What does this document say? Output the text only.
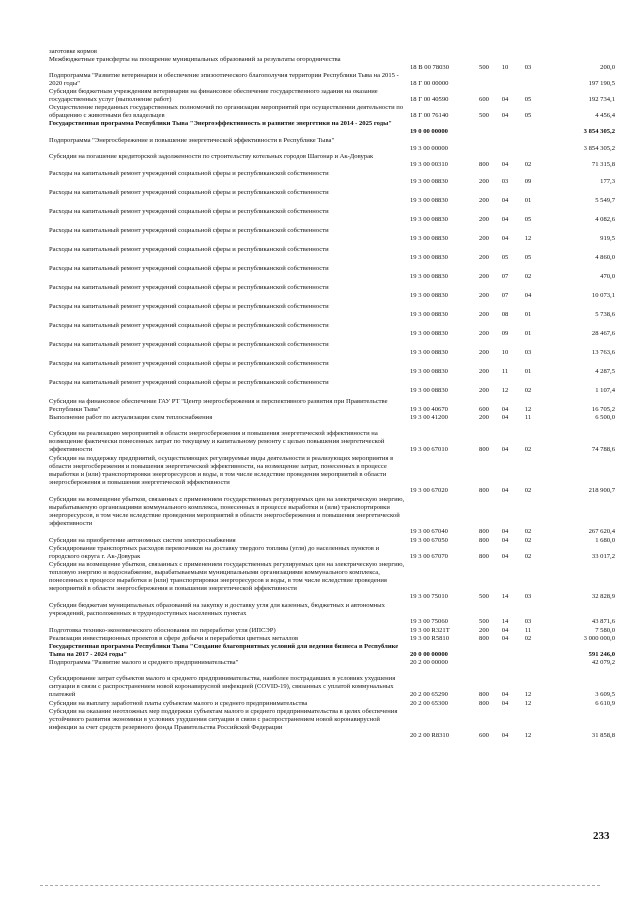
заготовке кормов
Межбюджетные трансферты на поощрение муниципальных образований за результаты огородничества
18 В 00 78030	500	10	03	200,0
Подпрограмма "Развитие ветеринарии и обеспечение эпизоотического благополучия территории Республики Тыва на 2015 - 2020 годы"	18 Г 00 00000	197 190,5
Субсидии бюджетным учреждениям ветеринарии на финансовое обеспечение государственного задания на оказание государственных услуг (выполнение работ)	18 Г 00 40590	600	04	05	192 734,1
Осуществление переданных государственных полномочий по организации мероприятий при осуществлении деятельности по обращению с животными без владельцев	18 Г 00 76140	500	04	05	4 456,4
Государственная программа Республики Тыва "Энергоэффективность и развитие энергетики на 2014 - 2025 годы"
19 0 00 00000	3 854 305,2
Подпрограмма "Энергосбережение и повышение энергетической эффективности в Республике Тыва"
19 3 00 00000	3 854 305,2
Субсидии на погашение кредиторской задолженности по строительству котельных городов Шагонар и Ак-Довурак
19 3 00 00310	800	04	02	71 315,8
Расходы на капитальный ремонт учреждений социальной сферы и республиканской собственности
19 3 00 08830	200	03	09	177,3
Расходы на капитальный ремонт учреждений социальной сферы и республиканской собственности
19 3 00 08830	200	04	01	5 549,7
Расходы на капитальный ремонт учреждений социальной сферы и республиканской собственности
19 3 00 08830	200	04	05	4 082,6
Расходы на капитальный ремонт учреждений социальной сферы и республиканской собственности
19 3 00 08830	200	04	12	919,5
Расходы на капитальный ремонт учреждений социальной сферы и республиканской собственности
19 3 00 08830	200	05	05	4 860,0
Расходы на капитальный ремонт учреждений социальной сферы и республиканской собственности
19 3 00 08830	200	07	02	470,0
Расходы на капитальный ремонт учреждений социальной сферы и республиканской собственности
19 3 00 08830	200	07	04	10 073,1
Расходы на капитальный ремонт учреждений социальной сферы и республиканской собственности
19 3 00 08830	200	08	01	5 738,6
Расходы на капитальный ремонт учреждений социальной сферы и республиканской собственности
19 3 00 08830	200	09	01	28 467,6
Расходы на капитальный ремонт учреждений социальной сферы и республиканской собственности
19 3 00 08830	200	10	03	13 763,6
Расходы на капитальный ремонт учреждений социальной сферы и республиканской собственности
19 3 00 08830	200	11	01	4 287,5
Расходы на капитальный ремонт учреждений социальной сферы и республиканской собственности
19 3 00 08830	200	12	02	1 107,4
Субсидии на финансовое обеспечение ГАУ РТ "Центр энергосбережения и перспективного развития при Правительстве Республики Тыва"	19 3 00 40670	600	04	12	16 705,2
Выполнение работ по актуализации схем теплоснабжения	19 3 00 41200	200	04	11	6 500,0
Субсидии на реализацию мероприятий в области энергосбережения и повышения энергетической эффективности на возмещение фактически понесенных затрат по текущему и капитальному ремонту с целью повышения энергетической эффективности	19 3 00 67010	800	04	02	74 788,6
Субсидии на поддержку предприятий, осуществляющих регулируемые виды деятельности и реализующих мероприятия в области энергосбережения и повышения энергетической эффективности, на возмещение затрат, понесенных в процессе выработки и (или) транспортировки энергоресурсов и воды, в том числе вследствие проведения мероприятий в области энергосбережения и повышения энергетической эффективности
19 3 00 67020	800	04	02	218 900,7
Субсидии на возмещение убытков, связанных с применением государственных регулируемых цен на электрическую энергию, вырабатываемую организациями коммунального комплекса, понесенных в процессе выработки и (или) транспортировки энергоресурсов, в том числе вследствие проведения мероприятий в области энергосбережения и повышения энергетической эффективности
19 3 00 67040	800	04	02	267 620,4
Субсидии на приобретение автономных систем электроснабжения	19 3 00 67050	800	04	02	1 680,0
Субсидирование транспортных расходов перевозчиков на доставку твердого топлива (угля) до населенных пунктов и городского округа г. Ак-Довурак	19 3 00 67070	800	04	02	33 017,2
Субсидии на возмещение убытков, связанных с применением государственных регулируемых цен на электрическую энергию, тепловую энергию и водоснабжение, вырабатываемыми муниципальными организациями коммунального комплекса, понесенных в процессе выработки и (или) транспортировки энергоресурсов и воды, в том числе вследствие проведения мероприятий в области энергосбережения и повышения энергетической эффективности
19 3 00 75010	500	14	03	32 828,9
Субсидии бюджетам муниципальных образований на закупку и доставку угля для казенных, бюджетных и автономных учреждений, расположенных в труднодоступных населенных пунктах
19 3 00 75060	500	14	03	43 871,6
Подготовка технико-экономического обоснования по переработке угля (ИПСЭР)	19 3 00 R321T	200	04	11	7 580,0
Реализация инвестиционных проектов в сфере добычи и переработки цветных металлов	19 3 00 R5810	800	04	02	3 000 000,0
Государственная программа Республики Тыва "Создание благоприятных условий для ведения бизнеса в Республике Тыва на 2017 - 2024 годы"	20 0 00 00000	591 246,0
Подпрограмма "Развитие малого и среднего предпринимательства"	20 2 00 00000	42 079,2
Субсидирование затрат субъектов малого и среднего предпринимательства, наиболее пострадавших в условиях ухудшения ситуации в связи с распространением новой коронавирусной инфекцией (COVID-19), связанных с уплатой коммунальных платежей	20 2 00 65290	800	04	12	3 609,5
Субсидии на выплату заработной платы субъектам малого и среднего предпринимательства	20 2 00 65300	800	04	12	6 610,9
Субсидии на оказание неотложных мер поддержки субъектам малого и среднего предпринимательства в целях обеспечения устойчивого развития экономики в условиях ухудшения ситуации в связи с распространением новой коронавирусной инфекции за счет средств резервного фонда Правительства Российской Федерации
20 2 00 R8310	600	04	12	31 858,8
233
